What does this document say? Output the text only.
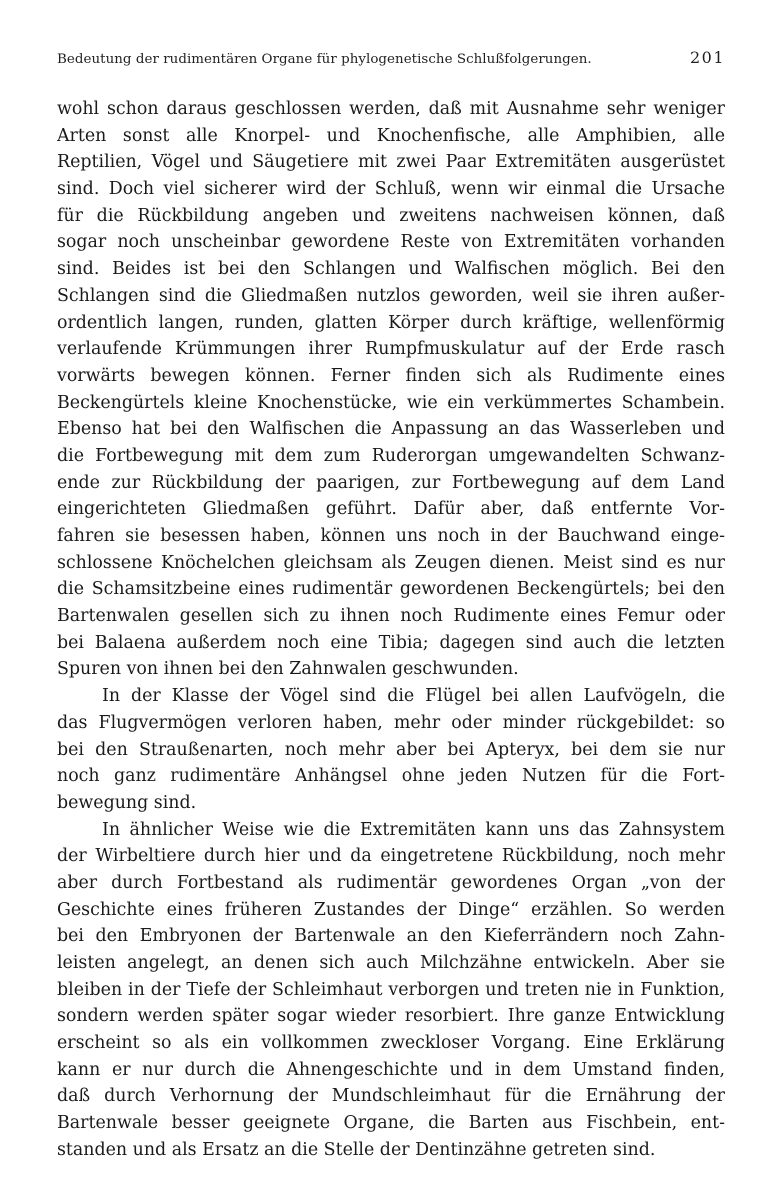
Bedeutung der rudimentären Organe für phylogenetische Schlußfolgerungen.	201
wohl schon daraus geschlossen werden, daß mit Ausnahme sehr weniger
Arten sonst alle Knorpel- und Knochenfische, alle Amphibien, alle
Reptilien, Vögel und Säugetiere mit zwei Paar Extremitäten ausgerüstet
sind. Doch viel sicherer wird der Schluß, wenn wir einmal die Ursache
für die Rückbildung angeben und zweitens nachweisen können, daß
sogar noch unscheinbar gewordene Reste von Extremitäten vorhanden
sind. Beides ist bei den Schlangen und Walfischen möglich. Bei den
Schlangen sind die Gliedmaßen nutzlos geworden, weil sie ihren außer-
ordentlich langen, runden, glatten Körper durch kräftige, wellenförmig
verlaufende Krümmungen ihrer Rumpfmuskulatur auf der Erde rasch
vorwärts bewegen können. Ferner finden sich als Rudimente eines
Beckengürtels kleine Knochenstücke, wie ein verkümmertes Schambein.
Ebenso hat bei den Walfischen die Anpassung an das Wasserleben und
die Fortbewegung mit dem zum Ruderorgan umgewandelten Schwanz-
ende zur Rückbildung der paarigen, zur Fortbewegung auf dem Land
eingerichteten Gliedmaßen geführt. Dafür aber, daß entfernte Vor-
fahren sie besessen haben, können uns noch in der Bauchwand einge-
schlossene Knöchelchen gleichsam als Zeugen dienen. Meist sind es nur
die Schamsitzbeine eines rudimentär gewordenen Beckengürtels; bei den
Bartenwalen gesellen sich zu ihnen noch Rudimente eines Femur oder
bei Balaena außerdem noch eine Tibia; dagegen sind auch die letzten
Spuren von ihnen bei den Zahnwalen geschwunden.
In der Klasse der Vögel sind die Flügel bei allen Laufvögeln, die
das Flugvermögen verloren haben, mehr oder minder rückgebildet: so
bei den Straußenarten, noch mehr aber bei Apteryx, bei dem sie nur
noch ganz rudimentäre Anhängsel ohne jeden Nutzen für die Fort-
bewegung sind.
In ähnlicher Weise wie die Extremitäten kann uns das Zahnsystem
der Wirbeltiere durch hier und da eingetretene Rückbildung, noch mehr
aber durch Fortbestand als rudimentär gewordenes Organ „von der
Geschichte eines früheren Zustandes der Dinge“ erzählen. So werden
bei den Embryonen der Bartenwale an den Kieferrändern noch Zahn-
leisten angelegt, an denen sich auch Milchzähne entwickeln. Aber sie
bleiben in der Tiefe der Schleimhaut verborgen und treten nie in Funktion,
sondern werden später sogar wieder resorbiert. Ihre ganze Entwicklung
erscheint so als ein vollkommen zweckloser Vorgang. Eine Erklärung
kann er nur durch die Ahnengeschichte und in dem Umstand finden,
daß durch Verhornung der Mundschleimhaut für die Ernährung der
Bartenwale besser geeignete Organe, die Barten aus Fischbein, ent-
standen und als Ersatz an die Stelle der Dentinzähne getreten sind.
